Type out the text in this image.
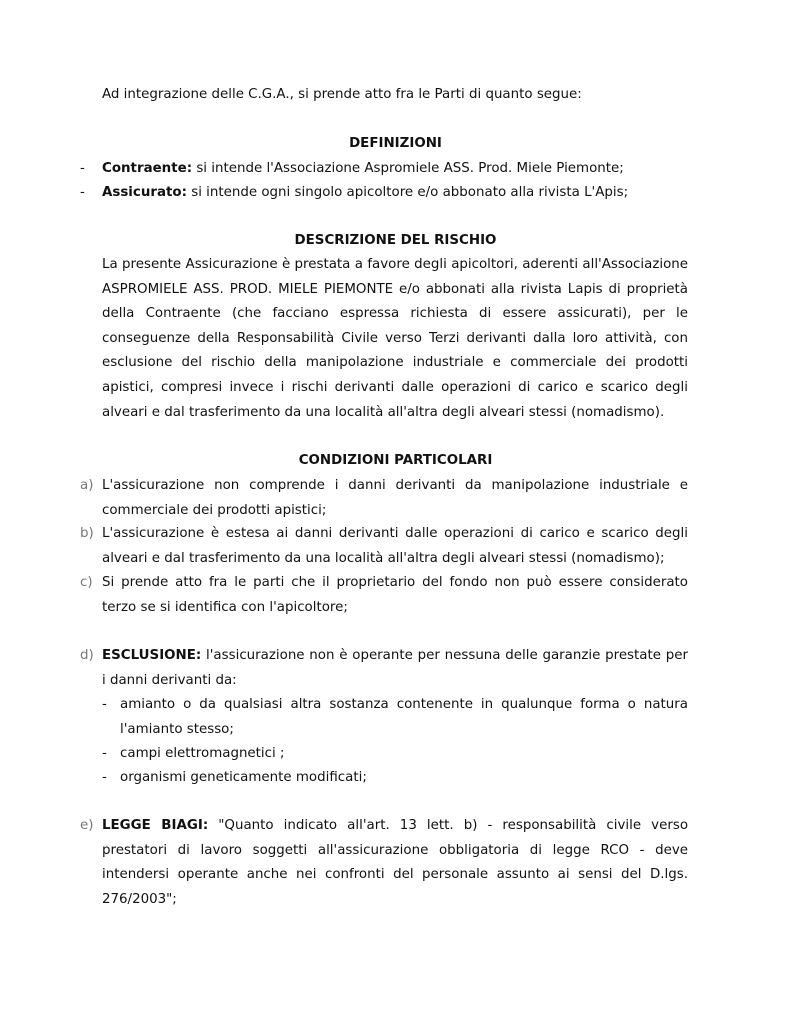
Ad integrazione delle C.G.A., si prende atto fra le Parti di quanto segue:
DEFINIZIONI
- Contraente: si intende l'Associazione Aspromiele ASS. Prod. Miele Piemonte;
- Assicurato: si intende ogni singolo apicoltore e/o abbonato alla rivista L'Apis;
DESCRIZIONE DEL RISCHIO
La presente Assicurazione è prestata a favore degli apicoltori, aderenti all'Associazione ASPROMIELE ASS. PROD. MIELE PIEMONTE e/o abbonati alla rivista Lapis di proprietà della Contraente (che facciano espressa richiesta di essere assicurati), per le conseguenze della Responsabilità Civile verso Terzi derivanti dalla loro attività, con esclusione del rischio della manipolazione industriale e commerciale dei prodotti apistici, compresi invece i rischi derivanti dalle operazioni di carico e scarico degli alveari e dal trasferimento da una località all'altra degli alveari stessi (nomadismo).
CONDIZIONI PARTICOLARI
a) L'assicurazione non comprende i danni derivanti da manipolazione industriale e commerciale dei prodotti apistici;
b) L'assicurazione è estesa ai danni derivanti dalle operazioni di carico e scarico degli alveari e dal trasferimento da una località all'altra degli alveari stessi (nomadismo);
c) Si prende atto fra le parti che il proprietario del fondo non può essere considerato terzo se si identifica con l'apicoltore;
d) ESCLUSIONE: l'assicurazione non è operante per nessuna delle garanzie prestate per i danni derivanti da:
- amianto o da qualsiasi altra sostanza contenente in qualunque forma o natura l'amianto stesso;
- campi elettromagnetici ;
- organismi geneticamente modificati;
e) LEGGE BIAGI: "Quanto indicato all'art. 13 lett. b) - responsabilità civile verso prestatori di lavoro soggetti all'assicurazione obbligatoria di legge RCO - deve intendersi operante anche nei confronti del personale assunto ai sensi del D.lgs. 276/2003";
